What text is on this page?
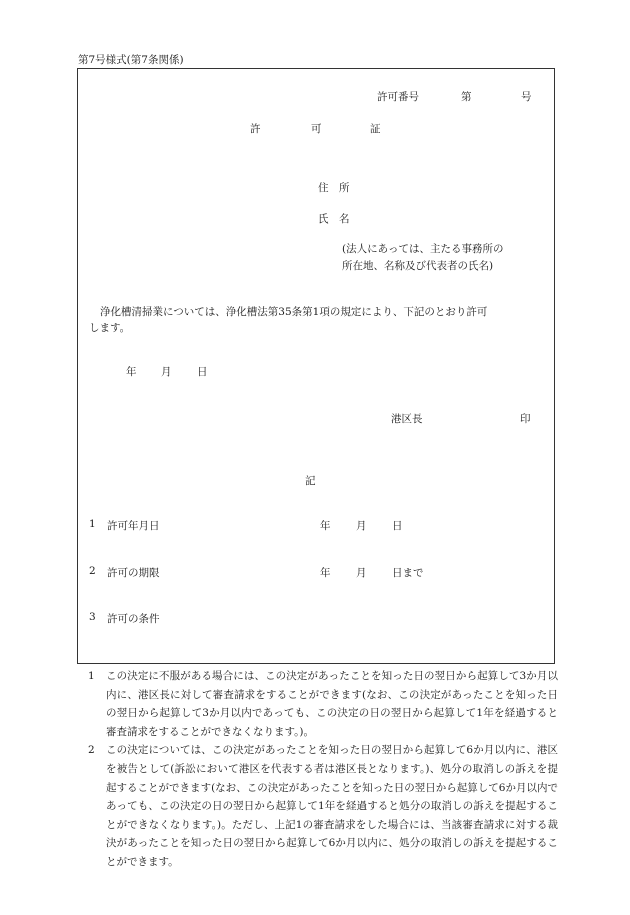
第7号様式(第7条関係)
許可番号	第	号
許	可	証
住　所
氏　名
(法人にあっては、主たる事務所の
所在地、名称及び代表者の氏名)
浄化槽清掃業については、浄化槽法第35条第1項の規定により、下記のとおり許可
します。
年 月 日
港区長	印
記
1 許可年月日	年 月 日
2 許可の期限	年 月 日まで
3 許可の条件
1	この決定に不服がある場合には、この決定があったことを知った日の翌日から起算して3か月以内に、港区長に対して審査請求をすることができます(なお、この決定があったことを知った日の翌日から起算して3か月以内であっても、この決定の日の翌日から起算して1年を経過すると審査請求をすることができなくなります。)。
2	この決定については、この決定があったことを知った日の翌日から起算して6か月以内に、港区を被告として(訴訟において港区を代表する者は港区長となります。)、処分の取消しの訴えを提起することができます(なお、この決定があったことを知った日の翌日から起算して6か月以内であっても、この決定の日の翌日から起算して1年を経過すると処分の取消しの訴えを提起することができなくなります。)。ただし、上記1の審査請求をした場合には、当該審査請求に対する裁決があったことを知った日の翌日から起算して6か月以内に、処分の取消しの訴えを提起することができます。
